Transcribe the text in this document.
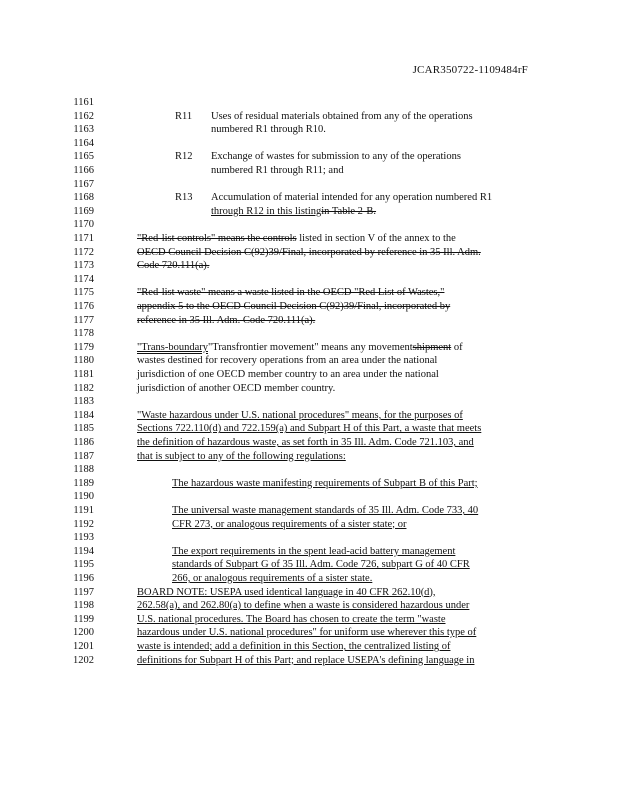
JCAR350722-1109484rF
1161
1162	R11 Uses of residual materials obtained from any of the operations
1163	numbered R1 through R10.
1164
1165	R12 Exchange of wastes for submission to any of the operations
1166	numbered R1 through R11; and
1167
1168	R13 Accumulation of material intended for any operation numbered R1
1169	through R12 in this listingin Table 2-B.
1170
1171	"Red-list controls" means the controls listed in section V of the annex to the
1172	OECD Council Decision C(92)39/Final, incorporated by reference in 35 Ill. Adm.
1173	Code 720.111(a).
1174
1175	"Red-list waste" means a waste listed in the OECD "Red List of Wastes,"
1176	appendix 5 to the OECD Council Decision C(92)39/Final, incorporated by
1177	reference in 35 Ill. Adm. Code 720.111(a).
1178
1179	"Trans-boundary"Transfrontier movement" means any movementshipment of
1180	wastes destined for recovery operations from an area under the national
1181	jurisdiction of one OECD member country to an area under the national
1182	jurisdiction of another OECD member country.
1183
1184	"Waste hazardous under U.S. national procedures" means, for the purposes of
1185	Sections 722.110(d) and 722.159(a) and Subpart H of this Part, a waste that meets
1186	the definition of hazardous waste, as set forth in 35 Ill. Adm. Code 721.103, and
1187	that is subject to any of the following regulations:
1188
1189	The hazardous waste manifesting requirements of Subpart B of this Part;
1190
1191	The universal waste management standards of 35 Ill. Adm. Code 733, 40
1192	CFR 273, or analogous requirements of a sister state; or
1193
1194	The export requirements in the spent lead-acid battery management
1195	standards of Subpart G of 35 Ill. Adm. Code 726, subpart G of 40 CFR
1196	266, or analogous requirements of a sister state.
1197	BOARD NOTE: USEPA used identical language in 40 CFR 262.10(d),
1198	262.58(a), and 262.80(a) to define when a waste is considered hazardous under
1199	U.S. national procedures. The Board has chosen to create the term "waste
1200	hazardous under U.S. national procedures" for uniform use wherever this type of
1201	waste is intended; add a definition in this Section, the centralized listing of
1202	definitions for Subpart H of this Part; and replace USEPA's defining language in
